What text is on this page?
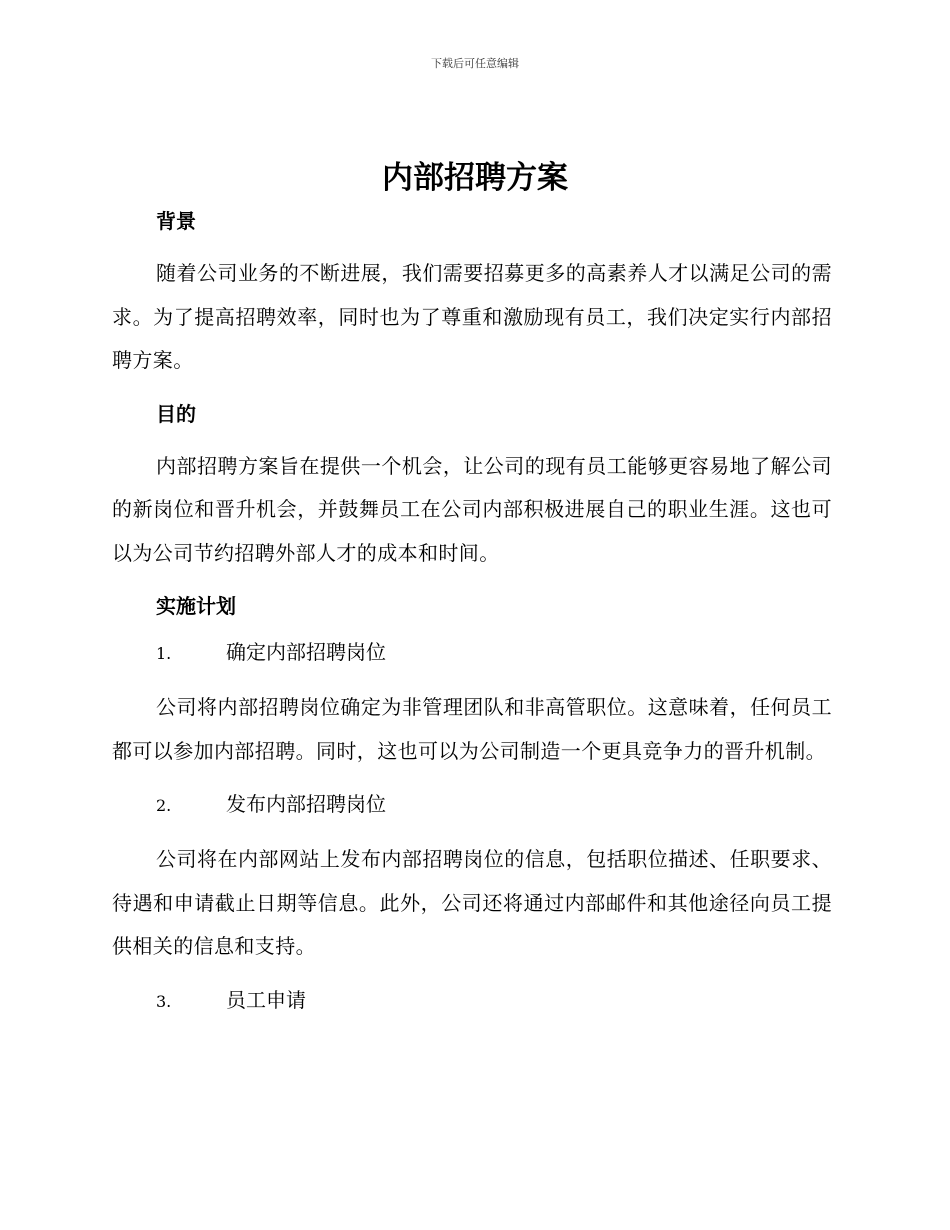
下载后可任意编辑
内部招聘方案
背景

随着公司业务的不断进展，我们需要招募更多的高素养人才以满足公司的需求。为了提高招聘效率，同时也为了尊重和激励现有员工，我们决定实行内部招聘方案。

目的

内部招聘方案旨在提供一个机会，让公司的现有员工能够更容易地了解公司的新岗位和晋升机会，并鼓舞员工在公司内部积极进展自己的职业生涯。这也可以为公司节约招聘外部人才的成本和时间。

实施计划
1.	确定内部招聘岗位

公司将内部招聘岗位确定为非管理团队和非高管职位。这意味着，任何员工都可以参加内部招聘。同时，这也可以为公司制造一个更具竞争力的晋升机制。

2.	发布内部招聘岗位

公司将在内部网站上发布内部招聘岗位的信息，包括职位描述、任职要求、待遇和申请截止日期等信息。此外，公司还将通过内部邮件和其他途径向员工提供相关的信息和支持。

3.	员工申请
